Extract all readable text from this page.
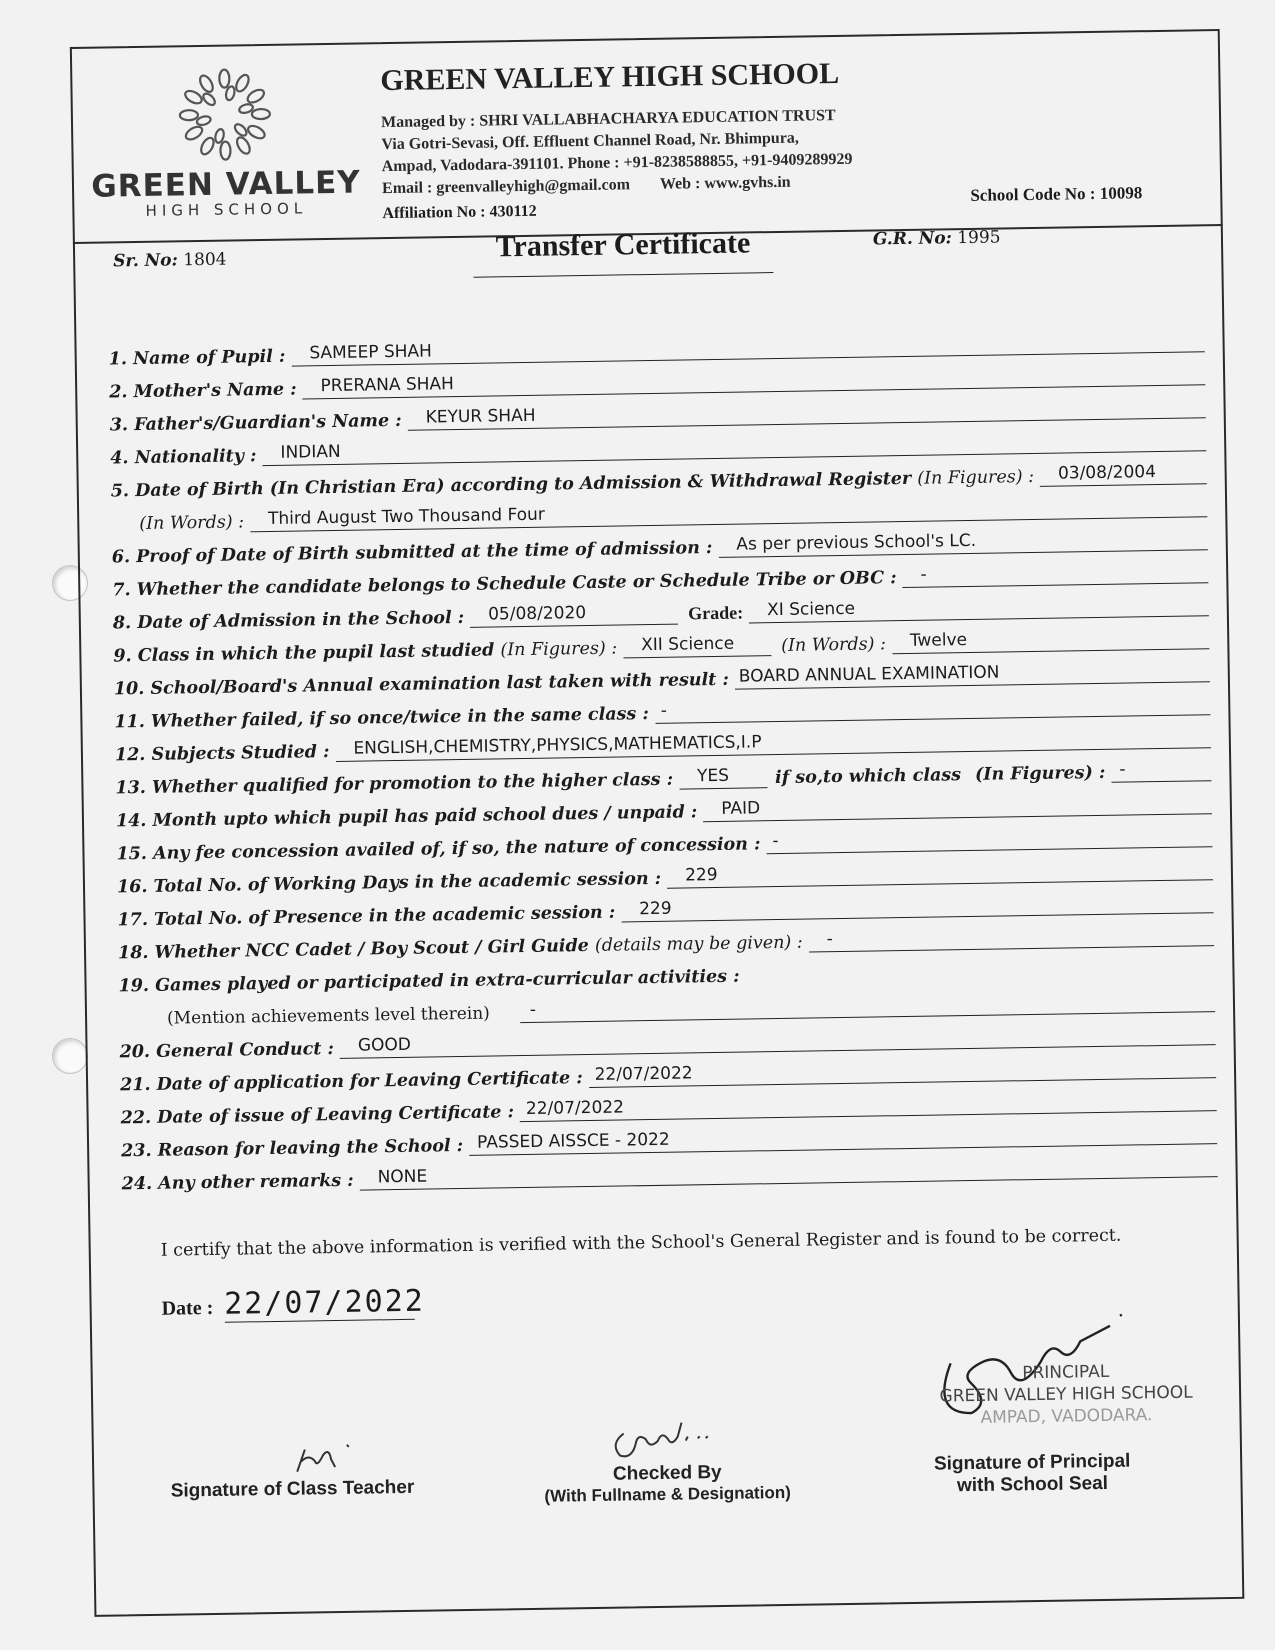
GREEN VALLEY
HIGH SCHOOL
GREEN VALLEY HIGH SCHOOL
Managed by : SHRI VALLABHACHARYA EDUCATION TRUST
Via Gotri-Sevasi, Off. Effluent Channel Road, Nr. Bhimpura,
Ampad, Vadodara-391101. Phone : +91-8238588855, +91-9409289929
Email : greenvalleyhigh@gmail.com Web : www.gvhs.in
Affiliation No : 430112
School Code No : 10098
Sr. No: 1804	Transfer Certificate	G.R. No: 1995
1. Name of Pupil :	SAMEEP SHAH
2. Mother's Name :	PRERANA SHAH
3. Father's/Guardian's Name :	KEYUR SHAH
4. Nationality :	INDIAN
5. Date of Birth (In Christian Era) according to Admission & Withdrawal Register (In Figures) :	03/08/2004
(In Words) :	Third August Two Thousand Four
6. Proof of Date of Birth submitted at the time of admission :	As per previous School's LC.
7. Whether the candidate belongs to Schedule Caste or Schedule Tribe or OBC :	-
8. Date of Admission in the School :	05/08/2020	Grade:	XI Science
9. Class in which the pupil last studied (In Figures) :	XII Science	(In Words) :	Twelve
10. School/Board's Annual examination last taken with result : BOARD ANNUAL EXAMINATION
11. Whether failed, if so once/twice in the same class : -
12. Subjects Studied :	ENGLISH,CHEMISTRY,PHYSICS,MATHEMATICS,I.P
13. Whether qualified for promotion to the higher class :	YES	if so,to which class (In Figures) : -
14. Month upto which pupil has paid school dues / unpaid :	PAID
15. Any fee concession availed of, if so, the nature of concession : -
16. Total No. of Working Days in the academic session :	229
17. Total No. of Presence in the academic session :	229
18. Whether NCC Cadet / Boy Scout / Girl Guide (details may be given) :	-
19. Games played or participated in extra-curricular activities :
(Mention achievements level therein)	-
20. General Conduct :	GOOD
21. Date of application for Leaving Certificate : 22/07/2022
22. Date of issue of Leaving Certificate : 22/07/2022
23. Reason for leaving the School : PASSED AISSCE - 2022
24. Any other remarks :	NONE
I certify that the above information is verified with the School's General Register and is found to be correct.
Date : 22/07/2022
Signature of Class Teacher
Checked By
(With Fullname & Designation)
PRINCIPAL
GREEN VALLEY HIGH SCHOOL
AMPAD, VADODARA.
Signature of Principal
with School Seal
